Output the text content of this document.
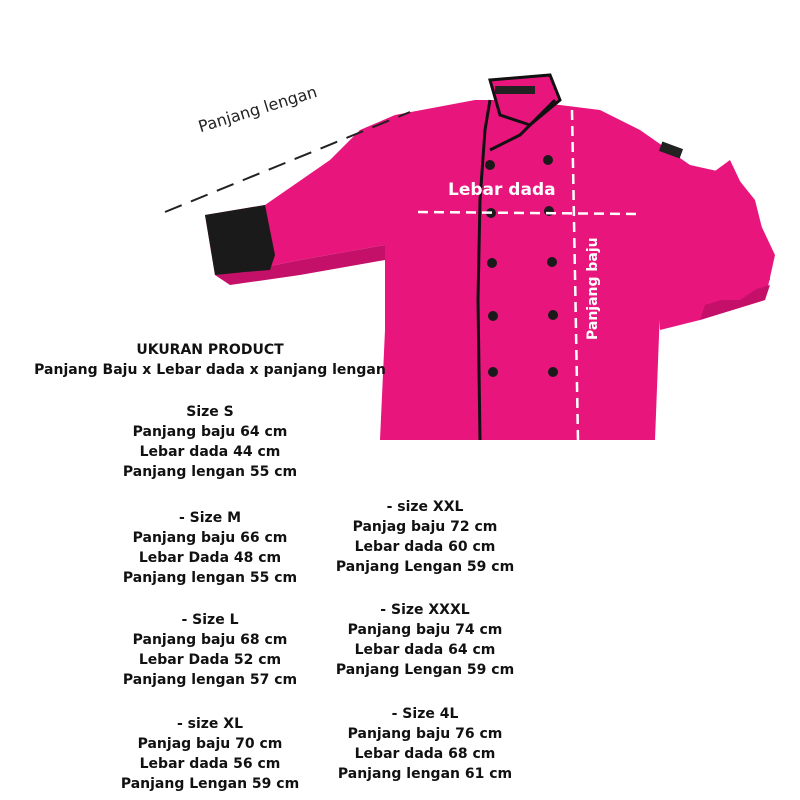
Panjang lengan
Lebar dada
Panjang baju
UKURAN PRODUCT
Panjang Baju x Lebar dada x panjang lengan
Size S
Panjang baju 64 cm
Lebar dada 44 cm
Panjang lengan 55 cm
- Size M
Panjang baju 66 cm
Lebar Dada 48 cm
Panjang lengan 55 cm
- Size L
Panjang baju 68 cm
Lebar Dada 52 cm
Panjang lengan 57 cm
- size XL
Panjag baju 70 cm
Lebar dada 56 cm
Panjang Lengan 59 cm
- size XXL
Panjag baju 72 cm
Lebar dada 60 cm
Panjang Lengan 59 cm
- Size XXXL
Panjang baju 74 cm
Lebar dada 64 cm
Panjang Lengan 59 cm
- Size 4L
Panjang baju 76 cm
Lebar dada 68 cm
Panjang lengan 61 cm
